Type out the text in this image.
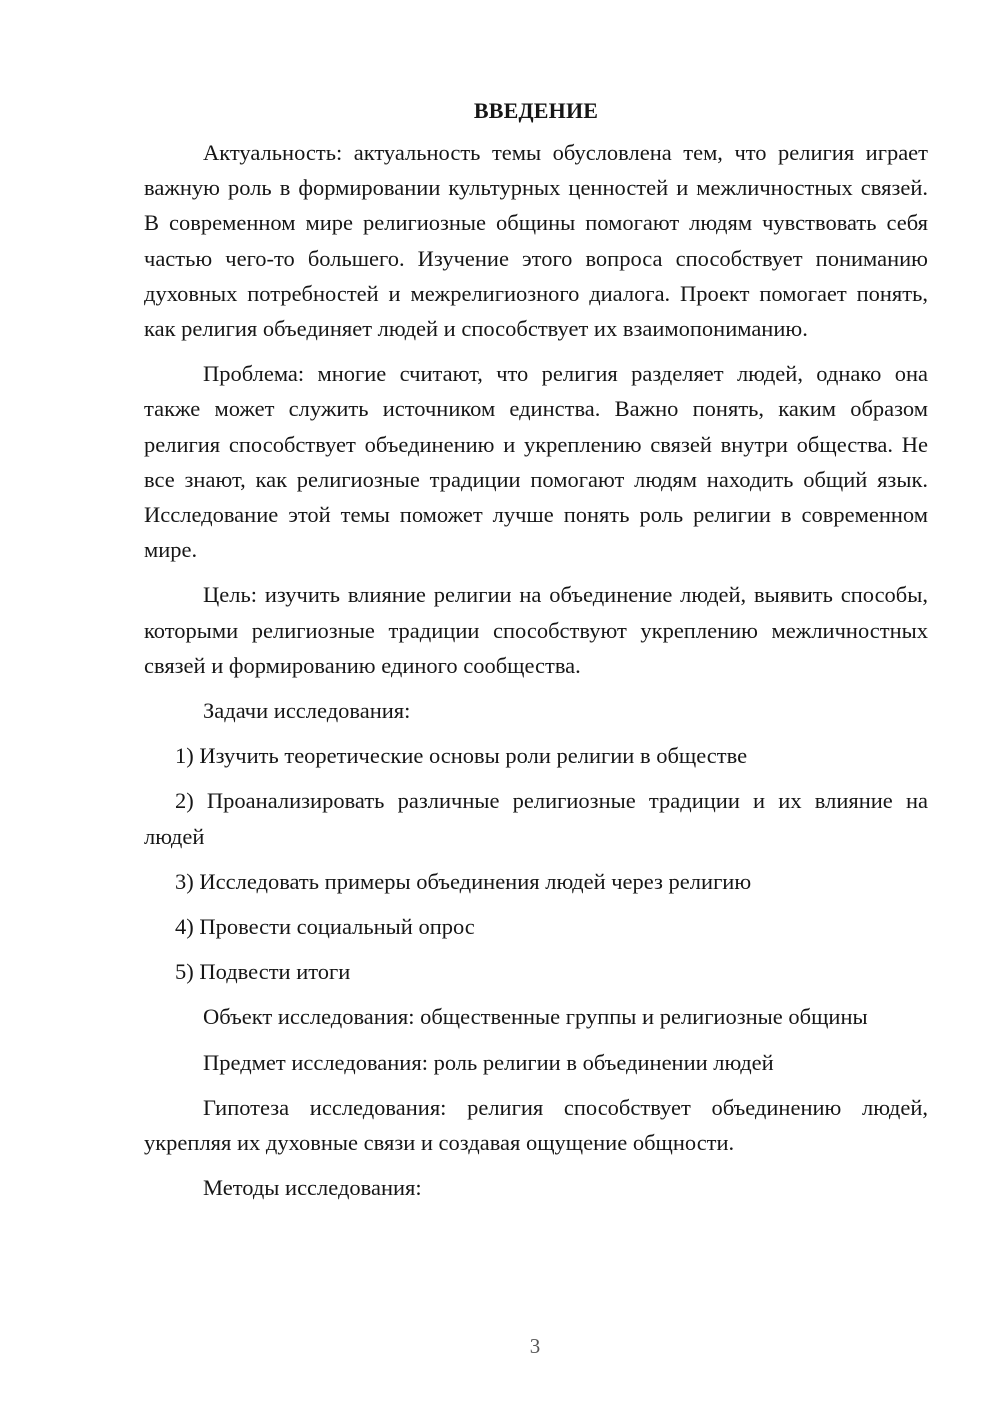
ВВЕДЕНИЕ

Актуальность: актуальность темы обусловлена тем, что религия играет важную роль в формировании культурных ценностей и межличностных связей. В современном мире религиозные общины помогают людям чувствовать себя частью чего-то большего. Изучение этого вопроса способствует пониманию духовных потребностей и межрелигиозного диалога. Проект помогает понять, как религия объединяет людей и способствует их взаимопониманию.

Проблема: многие считают, что религия разделяет людей, однако она также может служить источником единства. Важно понять, каким образом религия способствует объединению и укреплению связей внутри общества. Не все знают, как религиозные традиции помогают людям находить общий язык. Исследование этой темы поможет лучше понять роль религии в современном мире.

Цель: изучить влияние религии на объединение людей, выявить способы, которыми религиозные традиции способствуют укреплению межличностных связей и формированию единого сообщества.

Задачи исследования:

1) Изучить теоретические основы роли религии в обществе

2) Проанализировать различные религиозные традиции и их влияние на людей

3) Исследовать примеры объединения людей через религию

4) Провести социальный опрос

5) Подвести итоги

Объект исследования: общественные группы и религиозные общины

Предмет исследования: роль религии в объединении людей

Гипотеза исследования: религия способствует объединению людей, укрепляя их духовные связи и создавая ощущение общности.

Методы исследования:

3
